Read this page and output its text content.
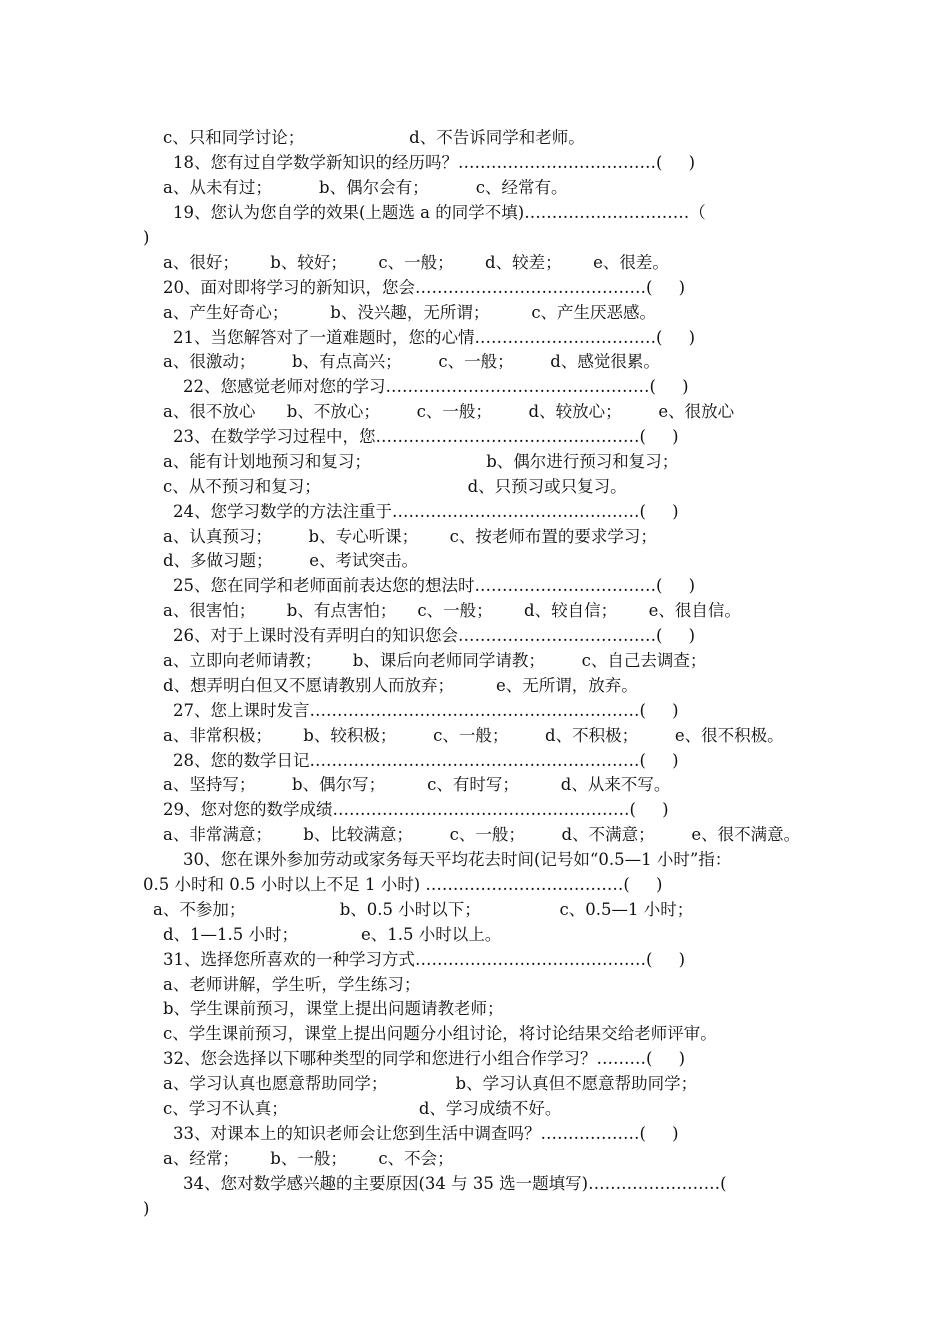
c、只和同学讨论；                    d、不告诉同学和老师。
18、您有过自学数学新知识的经历吗？………………………………(     )
a、从未有过；         b、偶尔会有；         c、经常有。
19、您认为您自学的效果(上题选 a 的同学不填)…………………………（
)
a、很好；      b、较好；      c、一般；      d、较差；      e、很差。
20、面对即将学习的新知识，您会……………………………………(     )
a、产生好奇心；        b、没兴趣，无所谓；        c、产生厌恶感。
21、当您解答对了一道难题时，您的心情……………………………(     )
a、很激动；       b、有点高兴；       c、一般；       d、感觉很累。
22、您感觉老师对您的学习…………………………………………(     )
a、很不放心      b、不放心；       c、一般；       d、较放心；       e、很放心
23、在数学学习过程中，您…………………………………………(     )
a、能有计划地预习和复习；                      b、偶尔进行预习和复习；
c、从不预习和复习；                            d、只预习或只复习。
24、您学习数学的方法注重于………………………………………(     )
a、认真预习；       b、专心听课；      c、按老师布置的要求学习；
d、多做习题；       e、考试突击。
25、您在同学和老师面前表达您的想法时……………………………(     )
a、很害怕；      b、有点害怕；    c、一般；      d、较自信；      e、很自信。
26、对于上课时没有弄明白的知识您会………………………………(     )
a、立即向老师请教；      b、课后向老师同学请教；       c、自己去调查；
d、想弄明白但又不愿请教别人而放弃；        e、无所谓，放弃。
27、您上课时发言……………………………………………………(     )
a、非常积极；      b、较积极；       c、一般；       d、不积极；       e、很不积极。
28、您的数学日记……………………………………………………(     )
a、坚持写；       b、偶尔写；        c、有时写；        d、从来不写。
29、您对您的数学成绩………………………………………………(     )
a、非常满意；      b、比较满意；       c、一般；       d、不满意；       e、很不满意。
30、您在课外参加劳动或家务每天平均花去时间(记号如“0.5—1 小时”指：
0.5 小时和 0.5 小时以上不足 1 小时) ………………………………(     )
a、不参加；                  b、0.5 小时以下；               c、0.5—1 小时；
d、1—1.5 小时；            e、1.5 小时以上。
31、选择您所喜欢的一种学习方式……………………………………(     )
a、老师讲解，学生听，学生练习；
b、学生课前预习，课堂上提出问题请教老师；
c、学生课前预习，课堂上提出问题分小组讨论，将讨论结果交给老师评审。
32、您会选择以下哪种类型的同学和您进行小组合作学习？………(     )
a、学习认真也愿意帮助同学；             b、学习认真但不愿意帮助同学；
c、学习不认真；                         d、学习成绩不好。
33、对课本上的知识老师会让您到生活中调查吗？………………(     )
a、经常；      b、一般；      c、不会；
34、您对数学感兴趣的主要原因(34 与 35 选一题填写)……………………(
)
